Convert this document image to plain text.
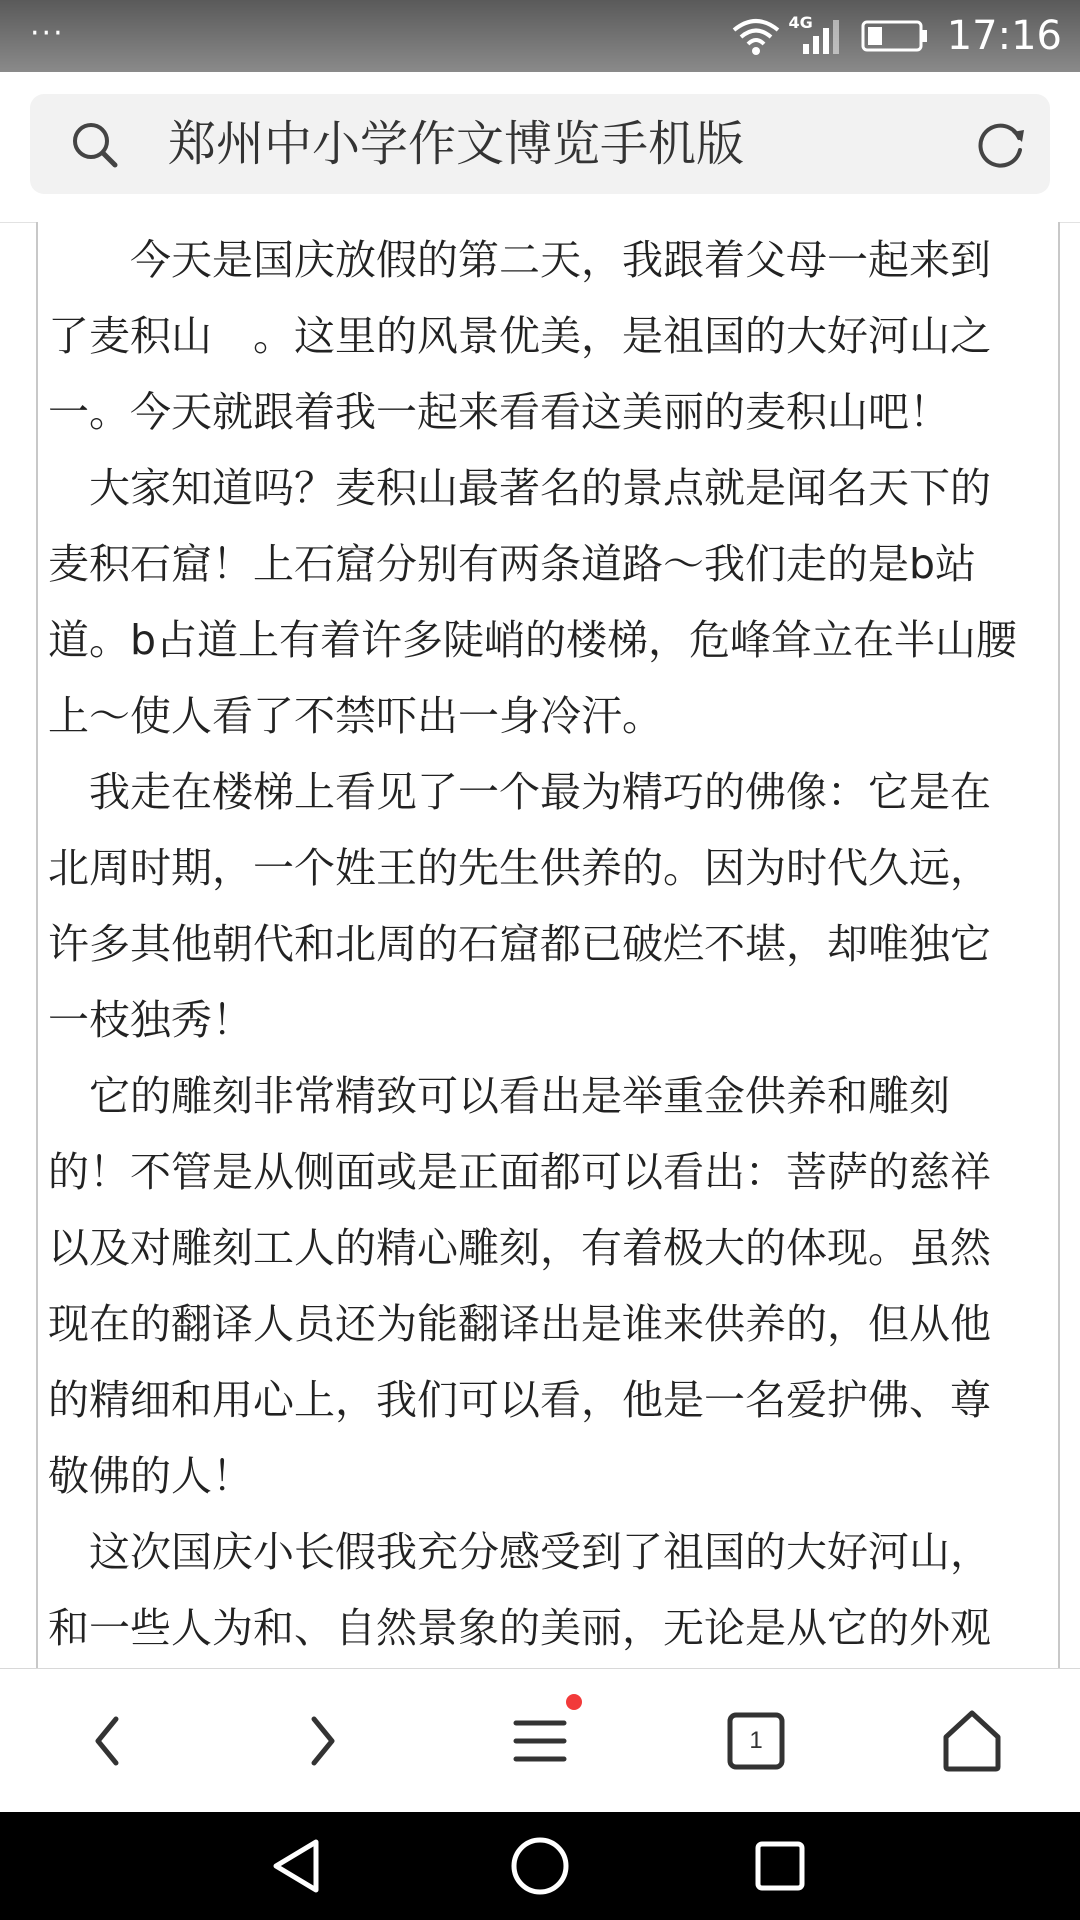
···	4G	17:16
郑州中小学作文博览手机版
　　今天是国庆放假的第二天，我跟着父母一起来到
了麦积山　。这里的风景优美，是祖国的大好河山之
一。今天就跟着我一起来看看这美丽的麦积山吧！
　大家知道吗？麦积山最著名的景点就是闻名天下的
麦积石窟！上石窟分别有两条道路～我们走的是b站
道。b占道上有着许多陡峭的楼梯，危峰耸立在半山腰
上～使人看了不禁吓出一身冷汗。
　我走在楼梯上看见了一个最为精巧的佛像：它是在
北周时期，一个姓王的先生供养的。因为时代久远，
许多其他朝代和北周的石窟都已破烂不堪，却唯独它
一枝独秀！
　它的雕刻非常精致可以看出是举重金供养和雕刻
的！不管是从侧面或是正面都可以看出：菩萨的慈祥
以及对雕刻工人的精心雕刻，有着极大的体现。虽然
现在的翻译人员还为能翻译出是谁来供养的，但从他
的精细和用心上，我们可以看，他是一名爱护佛、尊
敬佛的人！
　这次国庆小长假我充分感受到了祖国的大好河山，
和一些人为和、自然景象的美丽，无论是从它的外观
1
